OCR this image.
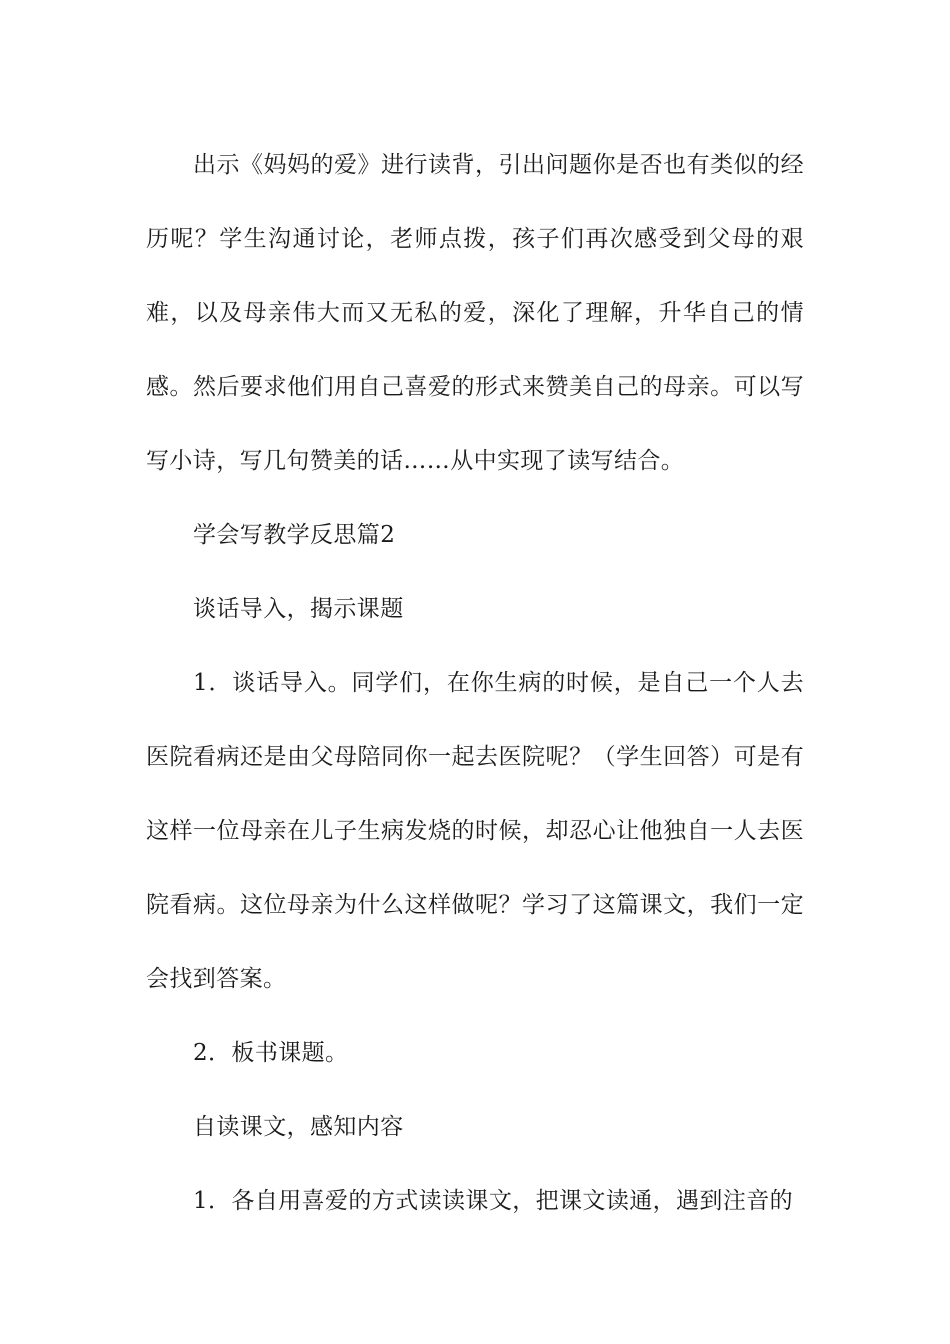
出示《妈妈的爱》进行读背，引出问题你是否也有类似的经历呢？学生沟通讨论，老师点拨，孩子们再次感受到父母的艰难，以及母亲伟大而又无私的爱，深化了理解，升华自己的情感。然后要求他们用自己喜爱的形式来赞美自己的母亲。可以写写小诗，写几句赞美的话……从中实现了读写结合。

学会写教学反思篇2

谈话导入，揭示课题

1．谈话导入。同学们，在你生病的时候，是自己一个人去医院看病还是由父母陪同你一起去医院呢？（学生回答）可是有这样一位母亲在儿子生病发烧的时候，却忍心让他独自一人去医院看病。这位母亲为什么这样做呢？学习了这篇课文，我们一定会找到答案。

2．板书课题。

自读课文，感知内容

1．各自用喜爱的方式读读课文，把课文读通，遇到注音的
